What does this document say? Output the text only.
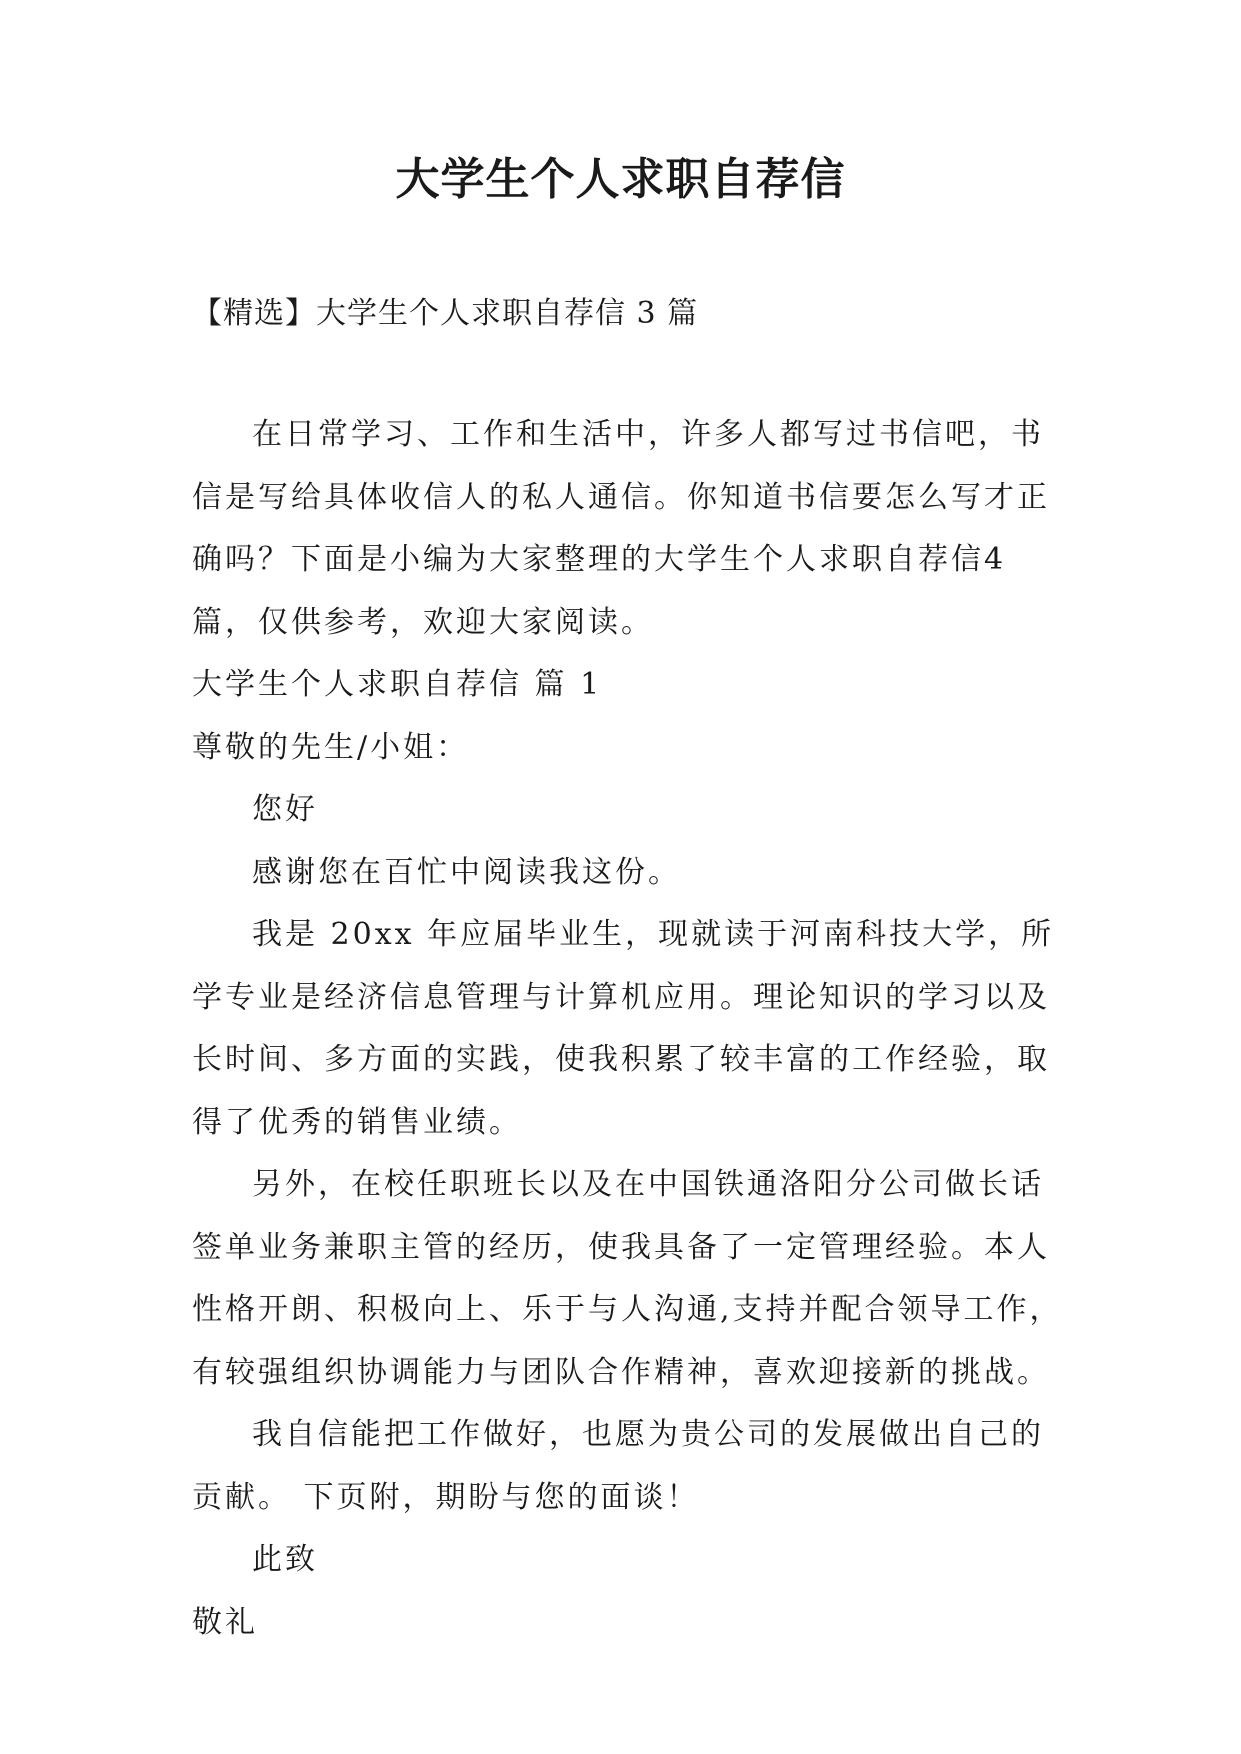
大学生个人求职自荐信
【精选】大学生个人求职自荐信 3 篇

在日常学习、工作和生活中，许多人都写过书信吧，书信是写给具体收信人的私人通信。你知道书信要怎么写才正确吗？下面是小编为大家整理的大学生个人求职自荐信4篇，仅供参考，欢迎大家阅读。

大学生个人求职自荐信 篇 1

尊敬的先生/小姐：

您好

感谢您在百忙中阅读我这份。

我是 20xx 年应届毕业生，现就读于河南科技大学，所学专业是经济信息管理与计算机应用。理论知识的学习以及长时间、多方面的实践，使我积累了较丰富的工作经验，取得了优秀的销售业绩。

另外，在校任职班长以及在中国铁通洛阳分公司做长话签单业务兼职主管的经历，使我具备了一定管理经验。本人性格开朗、积极向上、乐于与人沟通,支持并配合领导工作，有较强组织协调能力与团队合作精神，喜欢迎接新的挑战。

我自信能把工作做好，也愿为贵公司的发展做出自己的贡献。 下页附，期盼与您的面谈！

此致

敬礼
